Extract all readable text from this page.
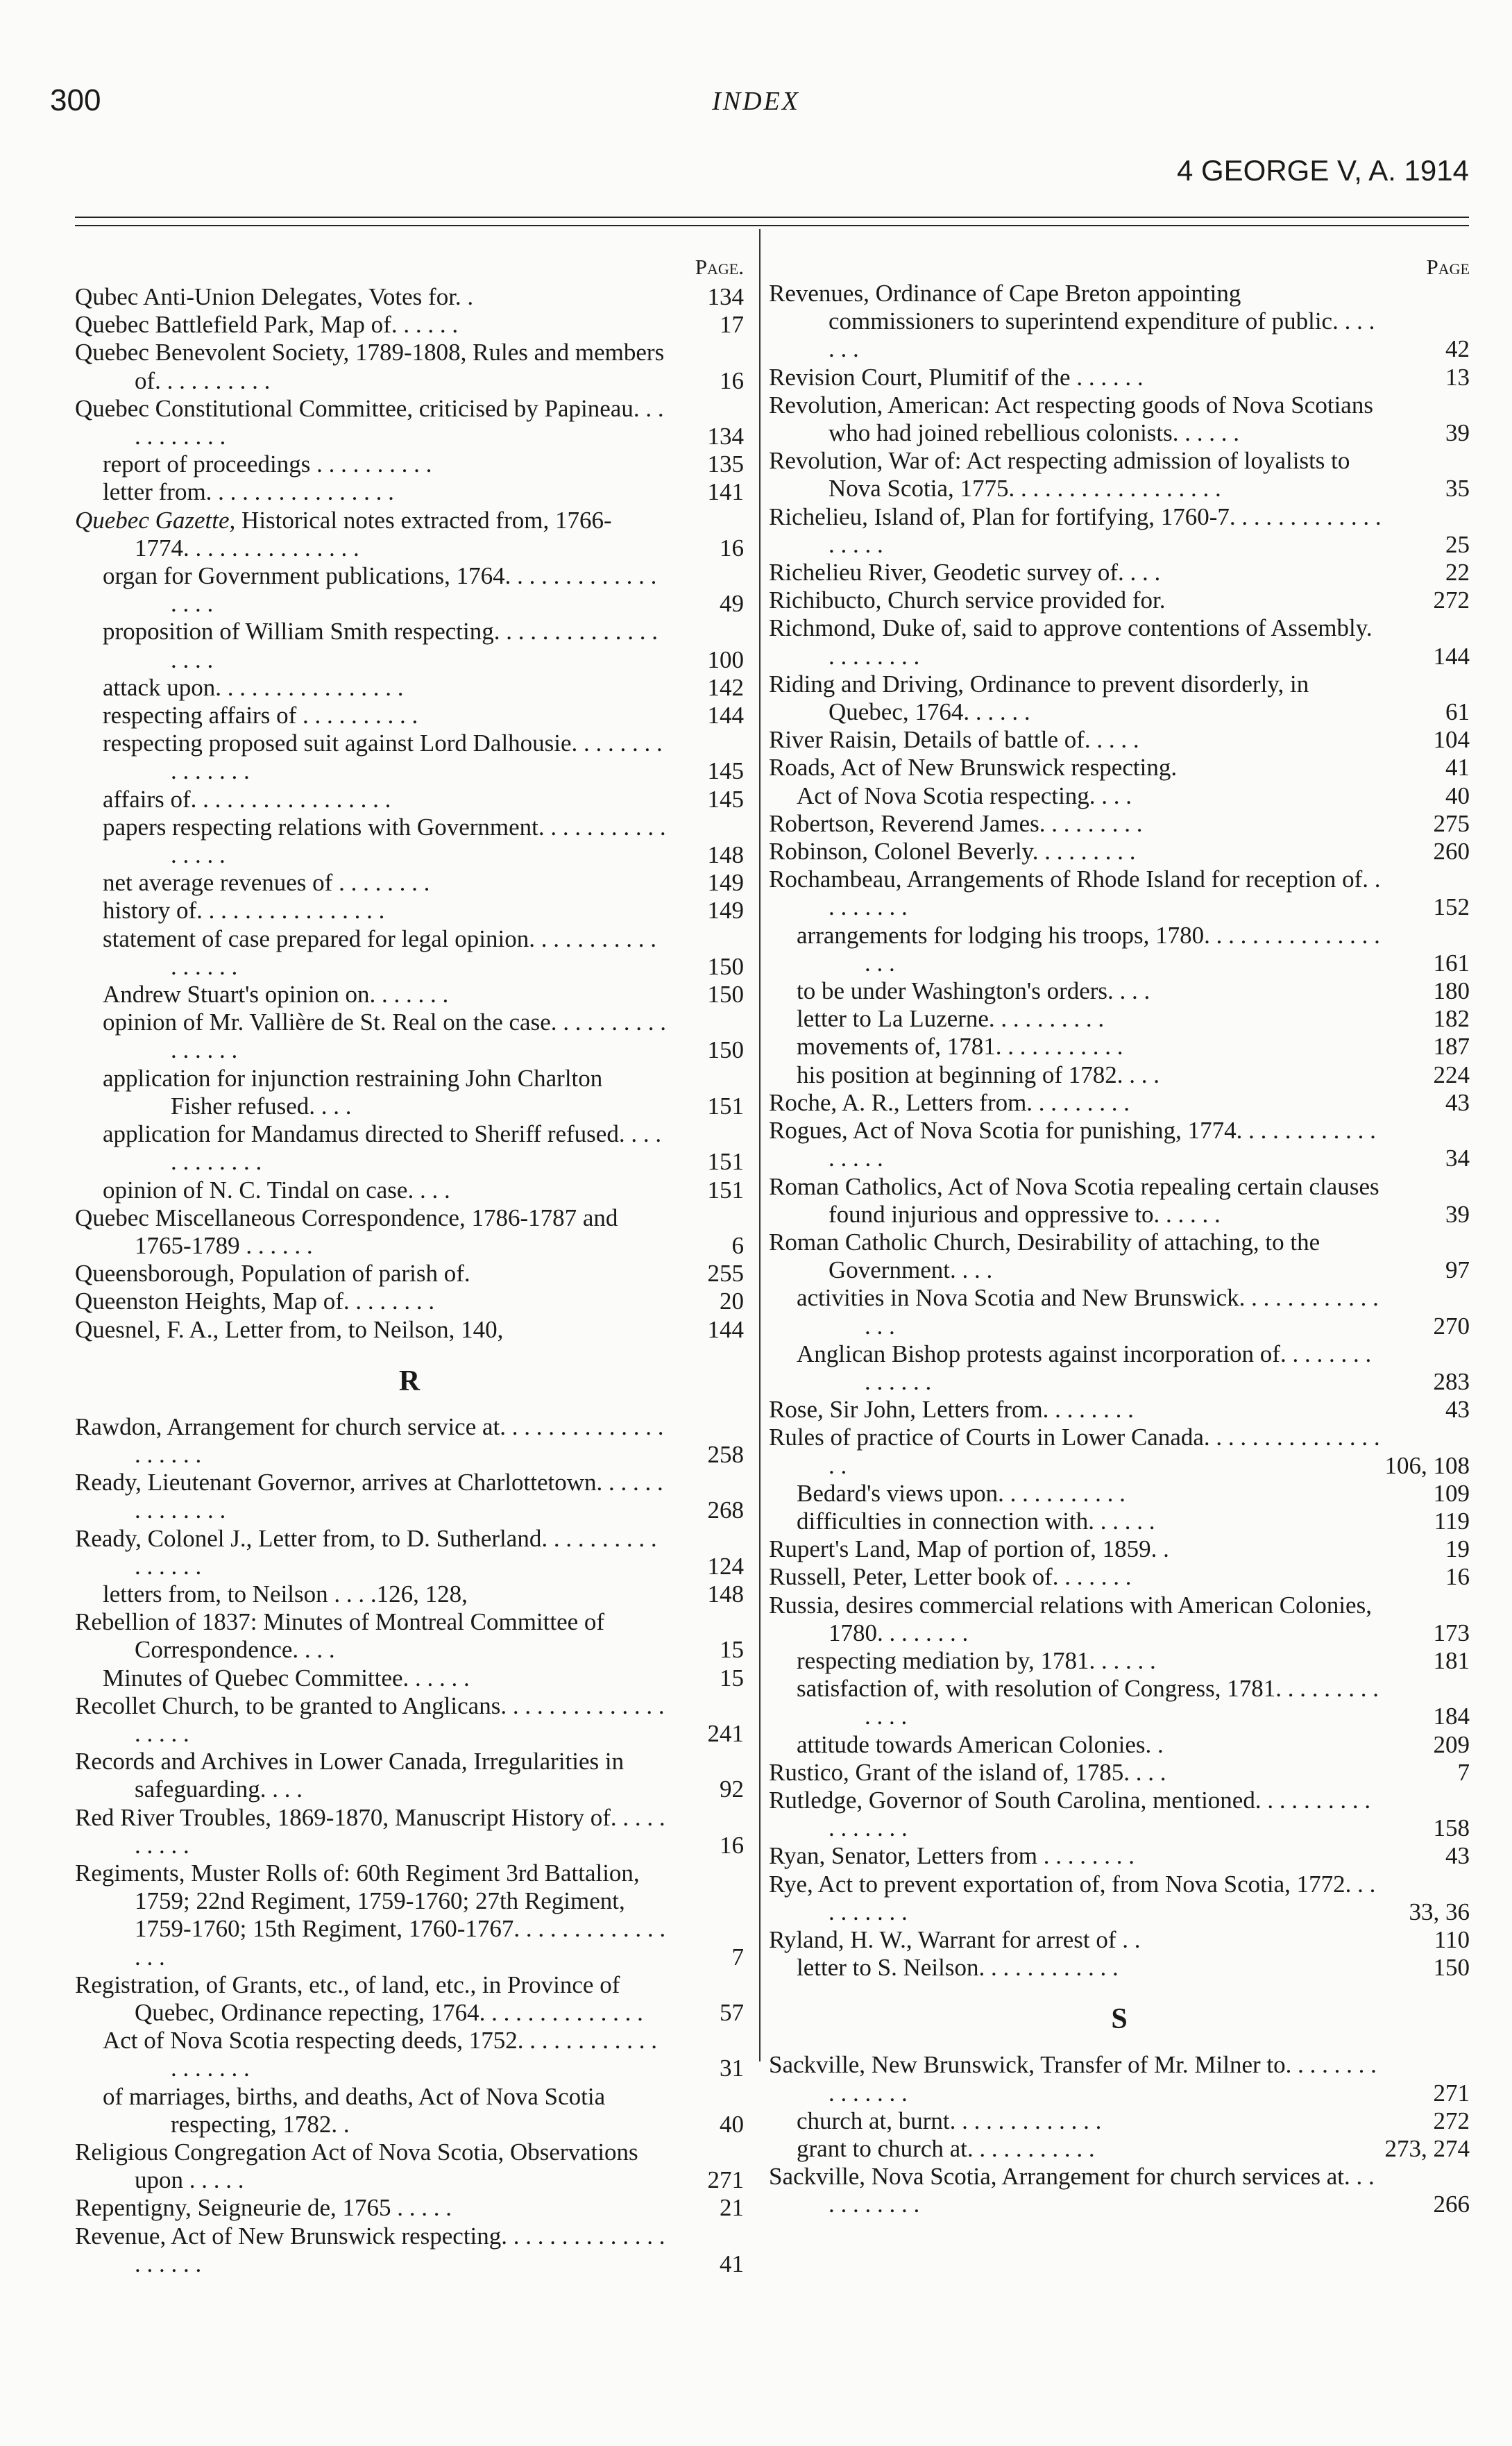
300	INDEX
4 GEORGE V, A. 1914
Page.
Qubec Anti-Union Delegates, Votes for. .	134
Quebec Battlefield Park, Map of. . . . . .	17
Quebec Benevolent Society, 1789-1808, Rules and members of. . . . . . . . . .	16
Quebec Constitutional Committee, criticised by Papineau. . . . . . . . . . .	134
report of proceedings . . . . . . . . . .	135
letter from. . . . . . . . . . . . . . . .	141
Quebec Gazette, Historical notes extracted from, 1766-1774. . . . . . . . . . . . . . .	16
organ for Government publications, 1764. . . . . . . . . . . . . . . . .	49
proposition of William Smith respecting. . . . . . . . . . . . . . . . . .	100
attack upon. . . . . . . . . . . . . . . .	142
respecting affairs of . . . . . . . . . .	144
respecting proposed suit against Lord Dalhousie. . . . . . . . . . . . . . .	145
affairs of. . . . . . . . . . . . . . . . .	145
papers respecting relations with Government. . . . . . . . . . . . . . . .	148
net average revenues of . . . . . . . .	149
history of. . . . . . . . . . . . . . . .	149
statement of case prepared for legal opinion. . . . . . . . . . . . . . . . .	150
Andrew Stuart's opinion on. . . . . . .	150
opinion of Mr. Vallière de St. Real on the case. . . . . . . . . . . . . . . .	150
application for injunction restraining John Charlton Fisher refused. . . .	151
application for Mandamus directed to Sheriff refused. . . . . . . . . . . .	151
opinion of N. C. Tindal on case. . . .	151
Quebec Miscellaneous Correspondence, 1786-1787 and 1765-1789 . . . . . .	6
Queensborough, Population of parish of.	255
Queenston Heights, Map of. . . . . . . .	20
Quesnel, F. A., Letter from, to Neilson, 140,	144
R
Rawdon, Arrangement for church service at. . . . . . . . . . . . . . . . . . . .	258
Ready, Lieutenant Governor, arrives at Charlottetown. . . . . . . . . . . . . .	268
Ready, Colonel J., Letter from, to D. Sutherland. . . . . . . . . . . . . . . .	124
letters from, to Neilson . . . .126, 128,	148
Rebellion of 1837: Minutes of Montreal Committee of Correspondence. . . .	15
Minutes of Quebec Committee. . . . . .	15
Recollet Church, to be granted to Anglicans. . . . . . . . . . . . . . . . . . .	241
Records and Archives in Lower Canada, Irregularities in safeguarding. . . .	92
Red River Troubles, 1869-1870, Manuscript History of. . . . . . . . . .	16
Regiments, Muster Rolls of: 60th Regiment 3rd Battalion, 1759; 22nd Regiment, 1759-1760; 27th Regiment, 1759-1760; 15th Regiment, 1760-1767. . . . . . . . . . . . . . . .	7
Registration, of Grants, etc., of land, etc., in Province of Quebec, Ordinance repecting, 1764. . . . . . . . . . . . . .	57
Act of Nova Scotia respecting deeds, 1752. . . . . . . . . . . . . . . . . . .	31
of marriages, births, and deaths, Act of Nova Scotia respecting, 1782. .	40
Religious Congregation Act of Nova Scotia, Observations upon . . . . .	271
Repentigny, Seigneurie de, 1765 . . . . .	21
Revenue, Act of New Brunswick respecting. . . . . . . . . . . . . . . . . . . .	41
Page
Revenues, Ordinance of Cape Breton appointing commissioners to superintend expenditure of public. . . . . . .	42
Revision Court, Plumitif of the . . . . . .	13
Revolution, American: Act respecting goods of Nova Scotians who had joined rebellious colonists. . . . . .	39
Revolution, War of: Act respecting admission of loyalists to Nova Scotia, 1775. . . . . . . . . . . . . . . . . .	35
Richelieu, Island of, Plan for fortifying, 1760-7. . . . . . . . . . . . . . . . . .	25
Richelieu River, Geodetic survey of. . . .	22
Richibucto, Church service provided for.	272
Richmond, Duke of, said to approve contentions of Assembly. . . . . . . . .	144
Riding and Driving, Ordinance to prevent disorderly, in Quebec, 1764. . . . . .	61
River Raisin, Details of battle of. . . . .	104
Roads, Act of New Brunswick respecting.	41
Act of Nova Scotia respecting. . . .	40
Robertson, Reverend James. . . . . . . . .	275
Robinson, Colonel Beverly. . . . . . . . .	260
Rochambeau, Arrangements of Rhode Island for reception of. . . . . . . . .	152
arrangements for lodging his troops, 1780. . . . . . . . . . . . . . . . . .	161
to be under Washington's orders. . . .	180
letter to La Luzerne. . . . . . . . . .	182
movements of, 1781. . . . . . . . . . .	187
his position at beginning of 1782. . . .	224
Roche, A. R., Letters from. . . . . . . . .	43
Rogues, Act of Nova Scotia for punishing, 1774. . . . . . . . . . . . . . . . .	34
Roman Catholics, Act of Nova Scotia repealing certain clauses found injurious and oppressive to. . . . . .	39
Roman Catholic Church, Desirability of attaching, to the Government. . . .	97
activities in Nova Scotia and New Brunswick. . . . . . . . . . . . . . .	270
Anglican Bishop protests against incorporation of. . . . . . . . . . . . . .	283
Rose, Sir John, Letters from. . . . . . . .	43
Rules of practice of Courts in Lower Canada. . . . . . . . . . . . . . . . .	106, 108
Bedard's views upon. . . . . . . . . . .	109
difficulties in connection with. . . . . .	119
Rupert's Land, Map of portion of, 1859. .	19
Russell, Peter, Letter book of. . . . . . .	16
Russia, desires commercial relations with American Colonies, 1780. . . . . . . .	173
respecting mediation by, 1781. . . . . .	181
satisfaction of, with resolution of Congress, 1781. . . . . . . . . . . . .	184
attitude towards American Colonies. .	209
Rustico, Grant of the island of, 1785. . . .	7
Rutledge, Governor of South Carolina, mentioned. . . . . . . . . . . . . . . . .	158
Ryan, Senator, Letters from . . . . . . . .	43
Rye, Act to prevent exportation of, from Nova Scotia, 1772. . . . . . . . . .	33, 36
Ryland, H. W., Warrant for arrest of . .	110
letter to S. Neilson. . . . . . . . . . . .	150
S
Sackville, New Brunswick, Transfer of Mr. Milner to. . . . . . . . . . . . . . .	271
church at, burnt. . . . . . . . . . . . .	272
grant to church at. . . . . . . . . . .	273, 274
Sackville, Nova Scotia, Arrangement for church services at. . . . . . . . . . .	266
